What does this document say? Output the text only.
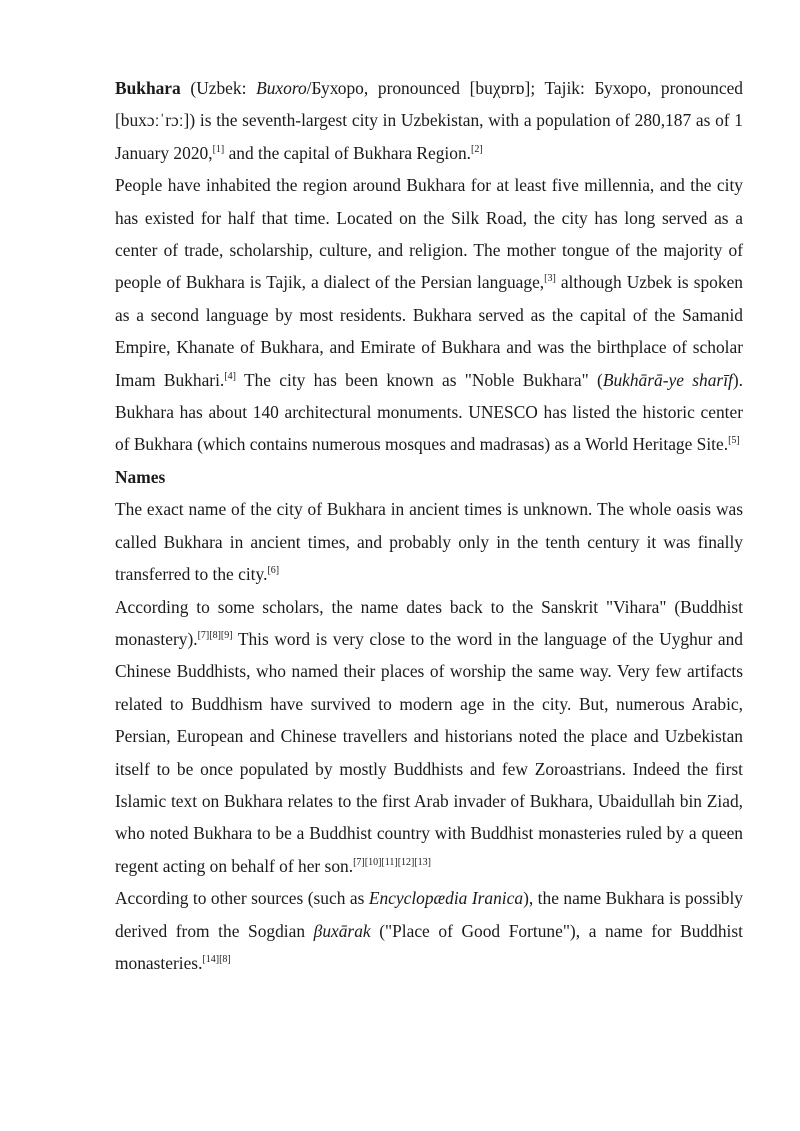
Bukhara (Uzbek: Buxoro/Бухоро, pronounced [buχɒrɒ]; Tajik: Бухоро, pronounced [buxɔːˈrɔː]) is the seventh-largest city in Uzbekistan, with a population of 280,187 as of 1 January 2020,[1] and the capital of Bukhara Region.[2]

People have inhabited the region around Bukhara for at least five millennia, and the city has existed for half that time. Located on the Silk Road, the city has long served as a center of trade, scholarship, culture, and religion. The mother tongue of the majority of people of Bukhara is Tajik, a dialect of the Persian language,[3] although Uzbek is spoken as a second language by most residents. Bukhara served as the capital of the Samanid Empire, Khanate of Bukhara, and Emirate of Bukhara and was the birthplace of scholar Imam Bukhari.[4] The city has been known as "Noble Bukhara" (Bukhārā-ye sharīf). Bukhara has about 140 architectural monuments. UNESCO has listed the historic center of Bukhara (which contains numerous mosques and madrasas) as a World Heritage Site.[5]

Names

The exact name of the city of Bukhara in ancient times is unknown. The whole oasis was called Bukhara in ancient times, and probably only in the tenth century it was finally transferred to the city.[6]

According to some scholars, the name dates back to the Sanskrit "Vihara" (Buddhist monastery).[7][8][9] This word is very close to the word in the language of the Uyghur and Chinese Buddhists, who named their places of worship the same way. Very few artifacts related to Buddhism have survived to modern age in the city. But, numerous Arabic, Persian, European and Chinese travellers and historians noted the place and Uzbekistan itself to be once populated by mostly Buddhists and few Zoroastrians. Indeed the first Islamic text on Bukhara relates to the first Arab invader of Bukhara, Ubaidullah bin Ziad, who noted Bukhara to be a Buddhist country with Buddhist monasteries ruled by a queen regent acting on behalf of her son.[7][10][11][12][13]

According to other sources (such as Encyclopædia Iranica), the name Bukhara is possibly derived from the Sogdian βuxārak ("Place of Good Fortune"), a name for Buddhist monasteries.[14][8]
